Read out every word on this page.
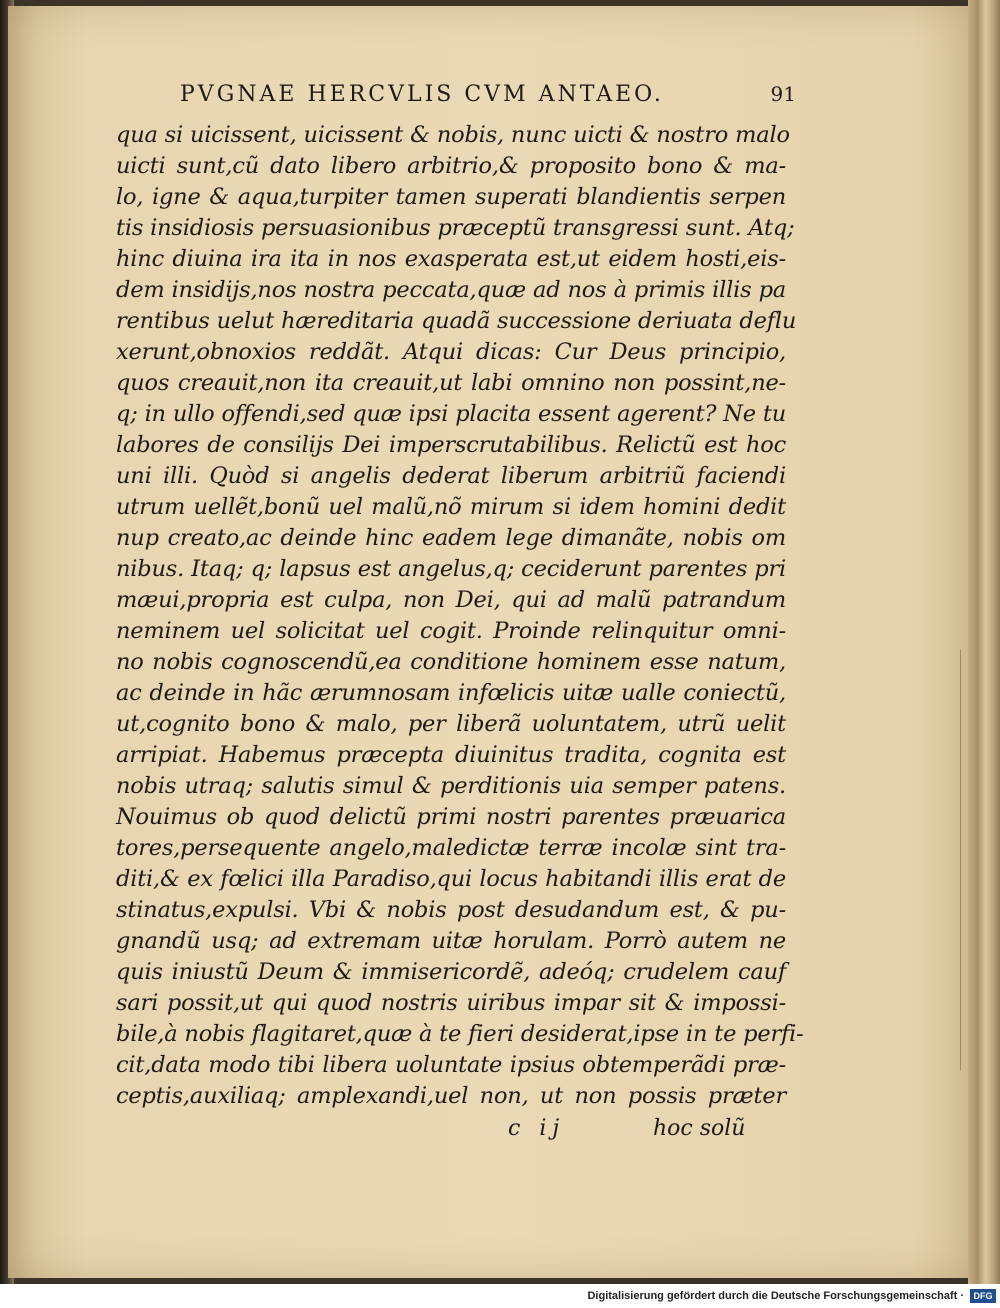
PVGNAE HERCVLIS CVM ANTAEO.	91
qua si uicissent, uicissent & nobis, nunc uicti & nostro malo
uicti sunt,cũ dato libero arbitrio,& proposito bono & ma-
lo, igne & aqua,turpiter tamen superati blandientis serpen
tis insidiosis persuasionibus præceptũ transgressi sunt. Atq;
hinc diuina ira ita in nos exasperata est,ut eidem hosti,eis-
dem insidijs,nos nostra peccata,quæ ad nos à primis illis pa
rentibus uelut hæreditaria quadã successione deriuata deflu
xerunt,obnoxios reddãt. Atqui dicas: Cur Deus principio,
quos creauit,non ita creauit,ut labi omnino non possint,ne-
q; in ullo offendi,sed quæ ipsi placita essent agerent? Ne tu
labores de consilijs Dei imperscrutabilibus. Relictũ est hoc
uni illi. Quòd si angelis dederat liberum arbitriũ faciendi
utrum uellẽt,bonũ uel malũ,nõ mirum si idem homini dedit
nup creato,ac deinde hinc eadem lege dimanãte, nobis om
nibus. Itaq; q; lapsus est angelus,q; ceciderunt parentes pri
mæui,propria est culpa, non Dei, qui ad malũ patrandum
neminem uel solicitat uel cogit. Proinde relinquitur omni-
no nobis cognoscendũ,ea conditione hominem esse natum,
ac deinde in hãc ærumnosam infœlicis uitæ ualle coniectũ,
ut,cognito bono & malo, per liberã uoluntatem, utrũ uelit
arripiat. Habemus præcepta diuinitus tradita, cognita est
nobis utraq; salutis simul & perditionis uia semper patens.
Nouimus ob quod delictũ primi nostri parentes præuarica
tores,persequente angelo,maledictæ terræ incolæ sint tra-
diti,& ex fœlici illa Paradiso,qui locus habitandi illis erat de
stinatus,expulsi. Vbi & nobis post desudandum est, & pu-
gnandũ usq; ad extremam uitæ horulam. Porrò autem ne
quis iniustũ Deum & immisericordẽ, adeóq; crudelem cauf
sari possit,ut qui quod nostris uiribus impar sit & impossi-
bile,à nobis flagitaret,quæ à te fieri desiderat,ipse in te perfi-
cit,data modo tibi libera uoluntate ipsius obtemperãdi præ-
ceptis,auxiliaq; amplexandi,uel non, ut non possis præter
c ij	hoc solũ
Digitalisierung gefördert durch die Deutsche Forschungsgemeinschaft ·	DFG
